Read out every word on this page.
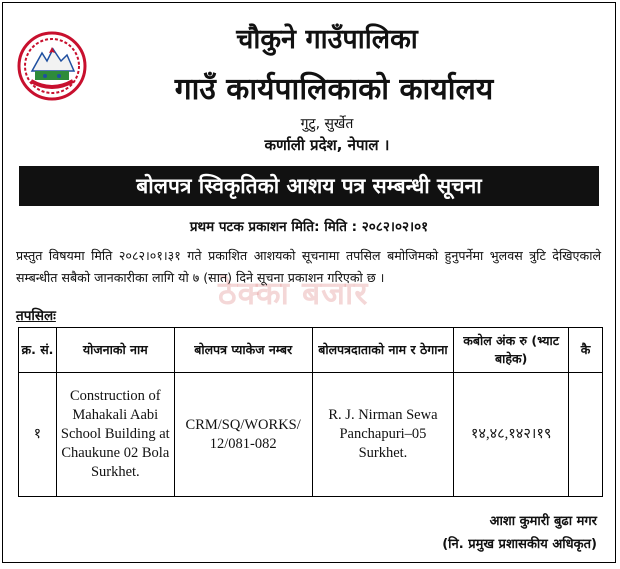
चौकुने गाउँपालिका
गाउँ कार्यपालिकाको कार्यालय
गुटु, सुर्खेत
कर्णाली प्रदेश, नेपाल ।
बोलपत्र स्विकृतिको आशय पत्र सम्बन्धी सूचना
प्रथम पटक प्रकाशन मिति: मिति : २०८२।०२।०१
ठेक्का बजार
प्रस्तुत विषयमा मिति २०८२।०१।३१ गते प्रकाशित आशयको सूचनामा तपसिल बमोजिमको हुनुपर्नेमा भुलवस त्रुटि देखिएकाले सम्बन्धीत सबैको जानकारीका लागि यो ७ (सात) दिने सूचना प्रकाशन गरिएको छ ।
तपसिलः
क्र. सं.	योजनाको नाम	बोलपत्र प्याकेज नम्बर	बोलपत्रदाताको नाम र ठेगाना	कबोल अंक रु (भ्याट बाहेक)	कै
१	Construction of Mahakali Aabi School Building at Chaukune 02 Bola Surkhet.	CRM/SQ/WORKS/ 12/081-082	R. J. Nirman Sewa Panchapuri–05 Surkhet.	१४,४८,१४२।१९	
आशा कुमारी बुढा मगर
(नि. प्रमुख प्रशासकीय अधिकृत)
